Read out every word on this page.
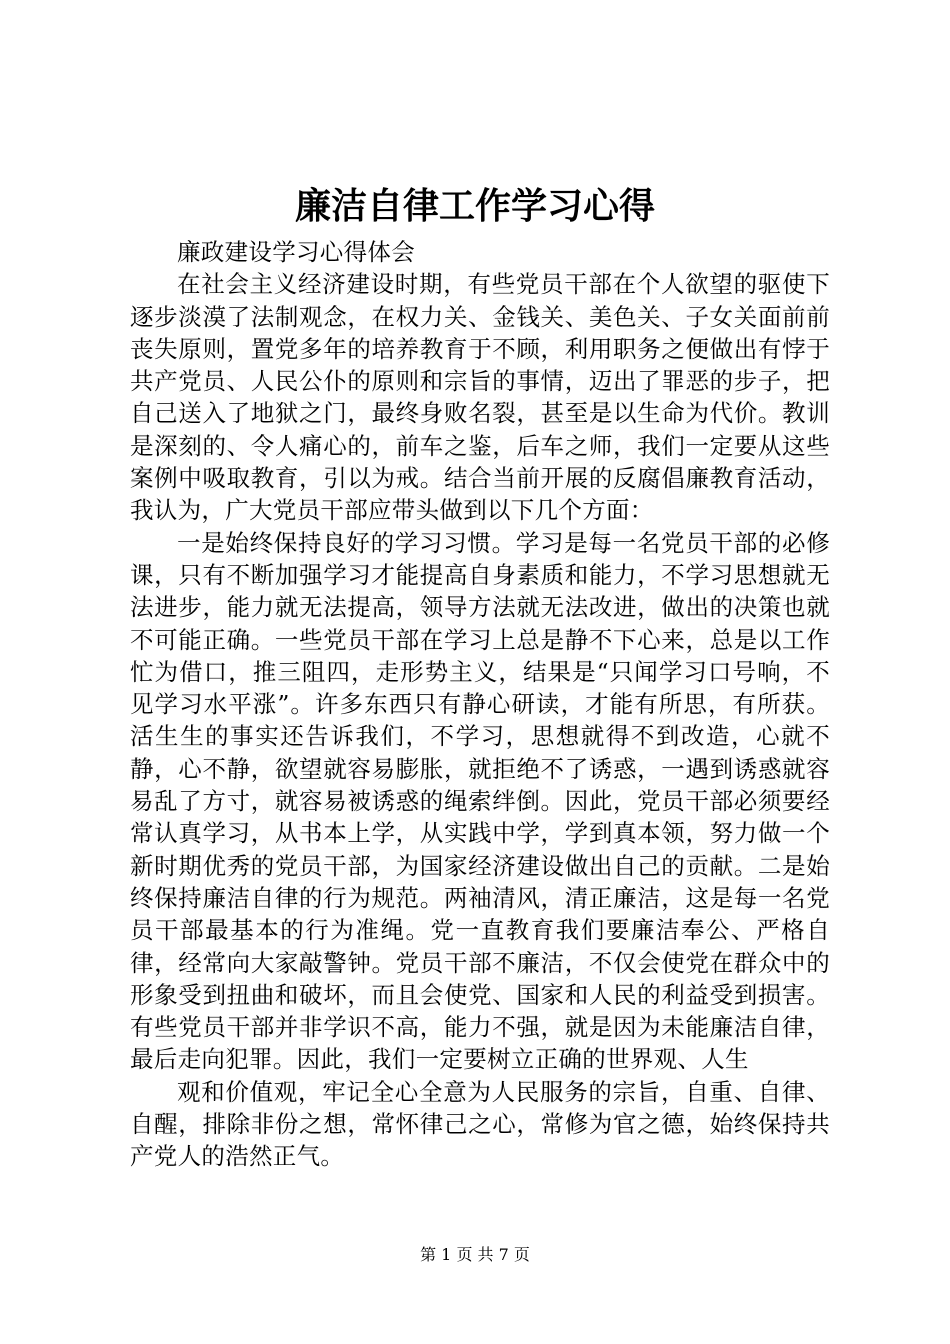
廉洁自律工作学习心得

廉政建设学习心得体会

在社会主义经济建设时期，有些党员干部在个人欲望的驱使下逐步淡漠了法制观念，在权力关、金钱关、美色关、子女关面前前丧失原则，置党多年的培养教育于不顾，利用职务之便做出有悖于共产党员、人民公仆的原则和宗旨的事情，迈出了罪恶的步子，把自己送入了地狱之门，最终身败名裂，甚至是以生命为代价。教训是深刻的、令人痛心的，前车之鉴，后车之师，我们一定要从这些案例中吸取教育，引以为戒。结合当前开展的反腐倡廉教育活动，我认为，广大党员干部应带头做到以下几个方面：

一是始终保持良好的学习习惯。学习是每一名党员干部的必修课，只有不断加强学习才能提高自身素质和能力，不学习思想就无法进步，能力就无法提高，领导方法就无法改进，做出的决策也就不可能正确。一些党员干部在学习上总是静不下心来，总是以工作忙为借口，推三阻四，走形势主义，结果是“只闻学习口号响，不见学习水平涨”。许多东西只有静心研读，才能有所思，有所获。活生生的事实还告诉我们，不学习，思想就得不到改造，心就不静，心不静，欲望就容易膨胀，就拒绝不了诱惑，一遇到诱惑就容易乱了方寸，就容易被诱惑的绳索绊倒。因此，党员干部必须要经常认真学习，从书本上学，从实践中学，学到真本领，努力做一个新时期优秀的党员干部，为国家经济建设做出自己的贡献。二是始终保持廉洁自律的行为规范。两袖清风，清正廉洁，这是每一名党员干部最基本的行为准绳。党一直教育我们要廉洁奉公、严格自律，经常向大家敲警钟。党员干部不廉洁，不仅会使党在群众中的形象受到扭曲和破坏，而且会使党、国家和人民的利益受到损害。有些党员干部并非学识不高，能力不强，就是因为未能廉洁自律，最后走向犯罪。因此，我们一定要树立正确的世界观、人生

观和价值观，牢记全心全意为人民服务的宗旨，自重、自律、自醒，排除非份之想，常怀律己之心，常修为官之德，始终保持共产党人的浩然正气。

第 1 页 共 7 页
